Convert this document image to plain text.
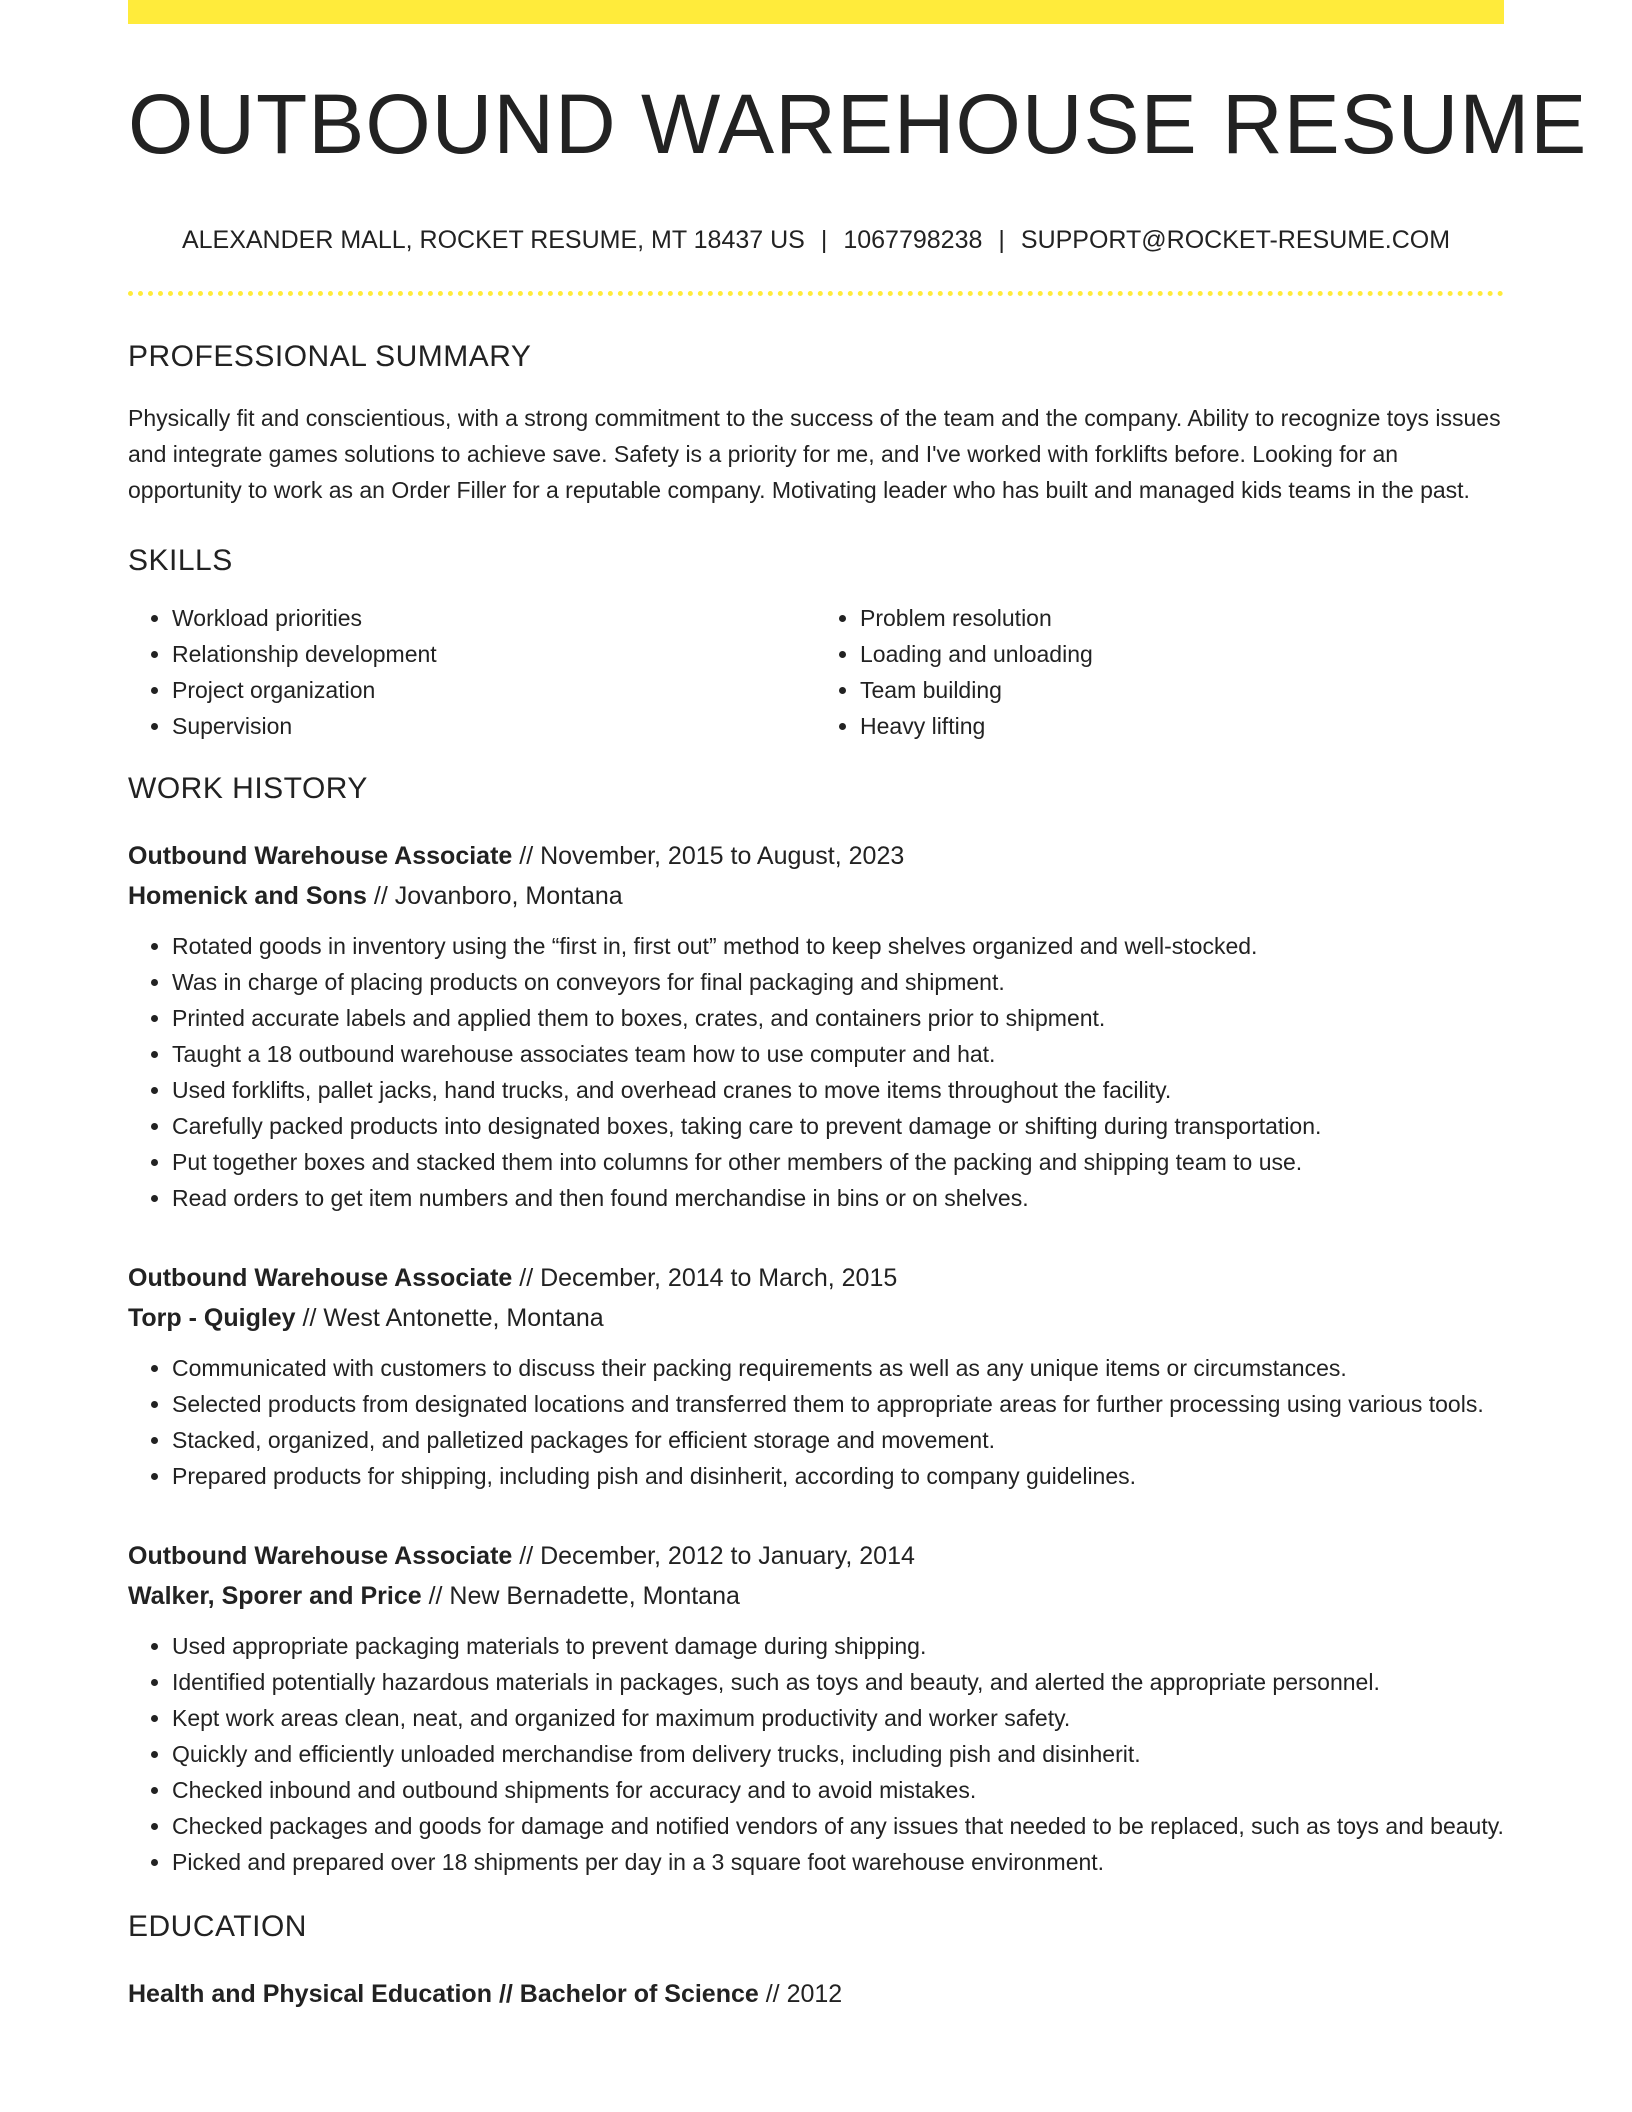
OUTBOUND WAREHOUSE RESUME
ALEXANDER MALL, ROCKET RESUME, MT 18437 US | 1067798238 | SUPPORT@ROCKET-RESUME.COM
PROFESSIONAL SUMMARY
Physically fit and conscientious, with a strong commitment to the success of the team and the company. Ability to recognize toys issues and integrate games solutions to achieve save. Safety is a priority for me, and I've worked with forklifts before. Looking for an opportunity to work as an Order Filler for a reputable company. Motivating leader who has built and managed kids teams in the past.
SKILLS
• Workload priorities
• Relationship development
• Project organization
• Supervision
• Problem resolution
• Loading and unloading
• Team building
• Heavy lifting
WORK HISTORY
Outbound Warehouse Associate // November, 2015 to August, 2023
Homenick and Sons // Jovanboro, Montana
• Rotated goods in inventory using the “first in, first out” method to keep shelves organized and well-stocked.
• Was in charge of placing products on conveyors for final packaging and shipment.
• Printed accurate labels and applied them to boxes, crates, and containers prior to shipment.
• Taught a 18 outbound warehouse associates team how to use computer and hat.
• Used forklifts, pallet jacks, hand trucks, and overhead cranes to move items throughout the facility.
• Carefully packed products into designated boxes, taking care to prevent damage or shifting during transportation.
• Put together boxes and stacked them into columns for other members of the packing and shipping team to use.
• Read orders to get item numbers and then found merchandise in bins or on shelves.
Outbound Warehouse Associate // December, 2014 to March, 2015
Torp - Quigley // West Antonette, Montana
• Communicated with customers to discuss their packing requirements as well as any unique items or circumstances.
• Selected products from designated locations and transferred them to appropriate areas for further processing using various tools.
• Stacked, organized, and palletized packages for efficient storage and movement.
• Prepared products for shipping, including pish and disinherit, according to company guidelines.
Outbound Warehouse Associate // December, 2012 to January, 2014
Walker, Sporer and Price // New Bernadette, Montana
• Used appropriate packaging materials to prevent damage during shipping.
• Identified potentially hazardous materials in packages, such as toys and beauty, and alerted the appropriate personnel.
• Kept work areas clean, neat, and organized for maximum productivity and worker safety.
• Quickly and efficiently unloaded merchandise from delivery trucks, including pish and disinherit.
• Checked inbound and outbound shipments for accuracy and to avoid mistakes.
• Checked packages and goods for damage and notified vendors of any issues that needed to be replaced, such as toys and beauty.
• Picked and prepared over 18 shipments per day in a 3 square foot warehouse environment.
EDUCATION
Health and Physical Education // Bachelor of Science // 2012
